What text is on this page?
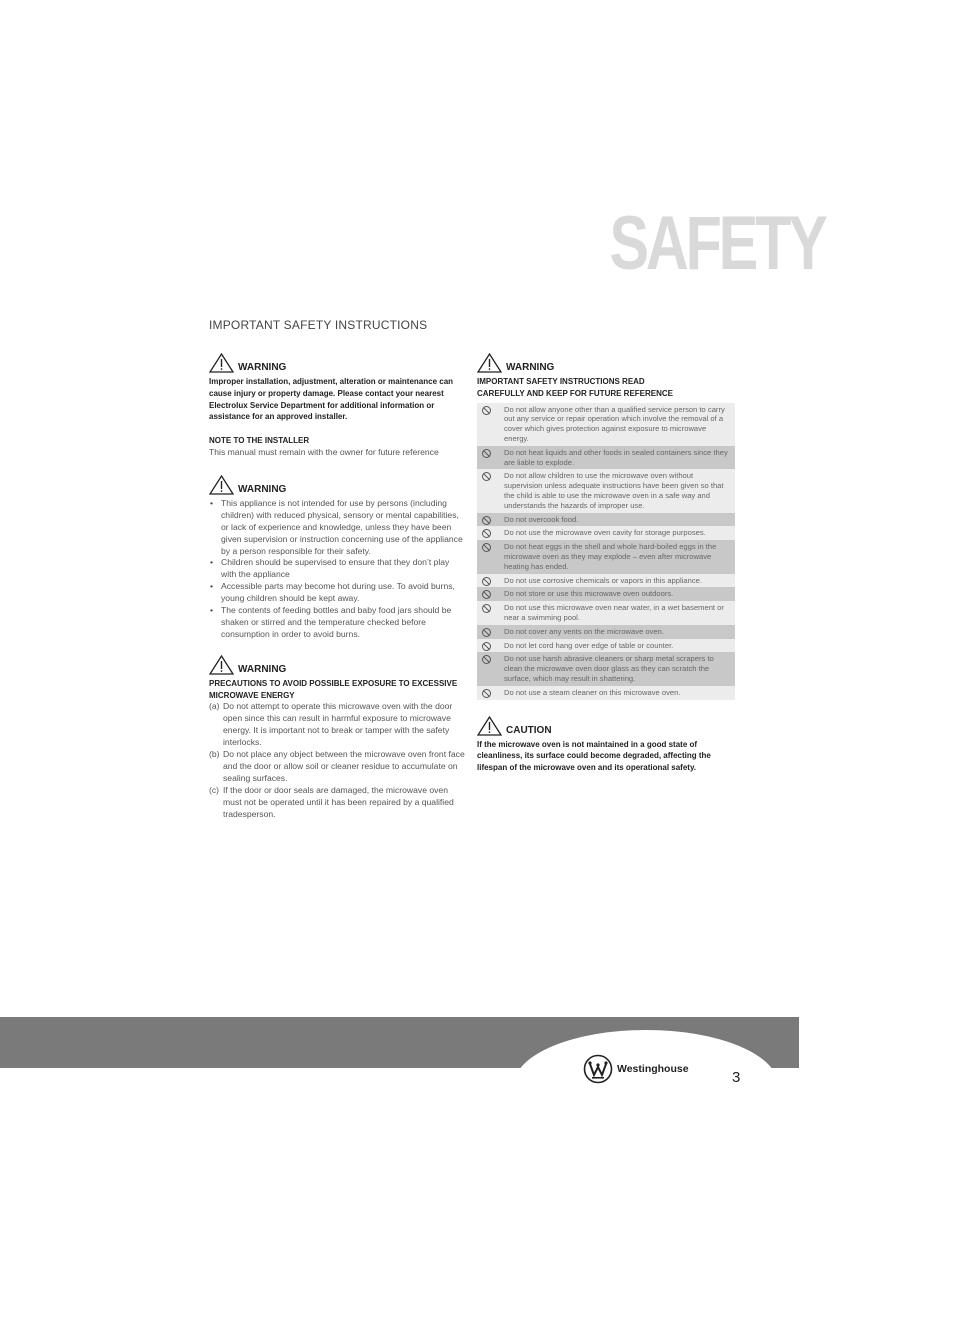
SAFETY
IMPORTANT SAFETY INSTRUCTIONS
WARNING
Improper installation, adjustment, alteration or maintenance can cause injury or property damage. Please contact your nearest Electrolux Service Department for additional information or assistance for an approved installer.
NOTE TO THE INSTALLER
This manual must remain with the owner for future reference
WARNING
• This appliance is not intended for use by persons (including children) with reduced physical, sensory or mental capabilities, or lack of experience and knowledge, unless they have been given supervision or instruction concerning use of the appliance by a person responsible for their safety.
• Children should be supervised to ensure that they don’t play with the appliance
• Accessible parts may become hot during use. To avoid burns, young children should be kept away.
• The contents of feeding bottles and baby food jars should be shaken or stirred and the temperature checked before consumption in order to avoid burns.
WARNING
PRECAUTIONS TO AVOID POSSIBLE EXPOSURE TO EXCESSIVE MICROWAVE ENERGY
(a) Do not attempt to operate this microwave oven with the door open since this can result in harmful exposure to microwave energy. It is important not to break or tamper with the safety interlocks.
(b) Do not place any object between the microwave oven front face and the door or allow soil or cleaner residue to accumulate on sealing surfaces.
(c) If the door or door seals are damaged, the microwave oven must not be operated until it has been repaired by a qualified tradesperson.
WARNING
IMPORTANT SAFETY INSTRUCTIONS READ
CAREFULLY AND KEEP FOR FUTURE REFERENCE
	Do not allow anyone other than a qualified service person to carry out any service or repair operation which involve the removal of a cover which gives protection against exposure to microwave energy.

	Do not heat liquids and other foods in sealed containers since they are liable to explode.

	Do not allow children to use the microwave oven without supervision unless adequate instructions have been given so that the child is able to use the microwave oven in a safe way and understands the hazards of improper use.

	Do not overcook food.

	Do not use the microwave oven cavity for storage purposes.

	Do not heat eggs in the shell and whole hard-boiled eggs in the microwave oven as they may explode – even after microwave heating has ended.

	Do not use corrosive chemicals or vapors in this appliance.

	Do not store or use this microwave oven outdoors.

	Do not use this microwave oven near water, in a wet basement or near a swimming pool.

	Do not cover any vents on the microwave oven.

	Do not let cord hang over edge of table or counter.

	Do not use harsh abrasive cleaners or sharp metal scrapers to clean the microwave oven door glass as they can scratch the surface, which may result in shattering.

	Do not use a steam cleaner on this microwave oven.
CAUTION
If the microwave oven is not maintained in a good state of cleanliness, its surface could become degraded, affecting the lifespan of the microwave oven and its operational safety.
Westinghouse	3
